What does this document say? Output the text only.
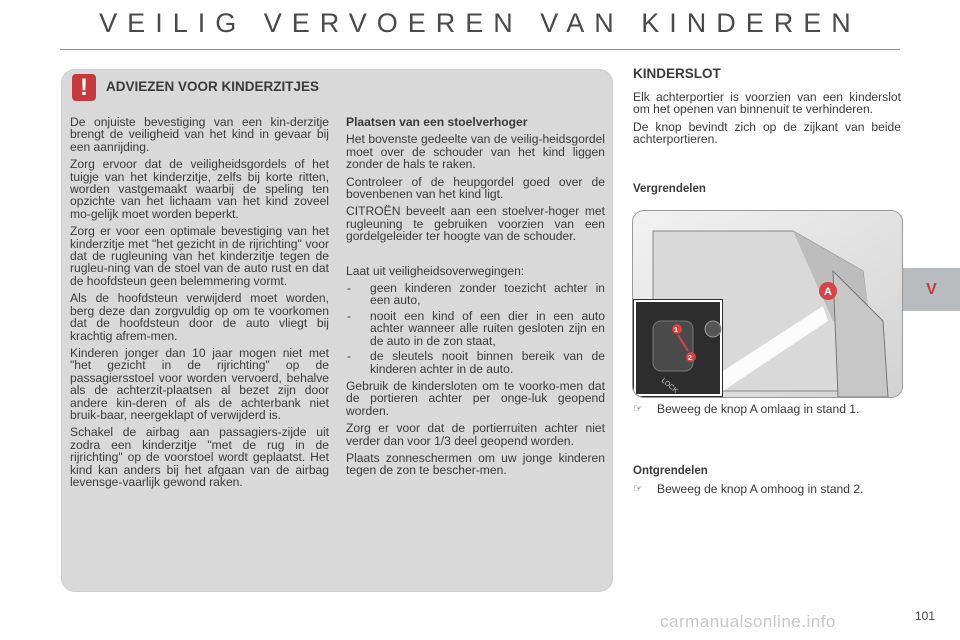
VEILIG VERVOEREN VAN KINDEREN
!	ADVIEZEN VOOR KINDERZITJES

De onjuiste bevestiging van een kin-derzitje brengt de veiligheid van het kind in gevaar bij een aanrijding.

Zorg ervoor dat de veiligheidsgordels of het tuigje van het kinderzitje, zelfs bij korte ritten, worden vastgemaakt waarbij de speling ten opzichte van het lichaam van het kind zoveel mo-gelijk moet worden beperkt.

Zorg er voor een optimale bevestiging van het kinderzitje met "het gezicht in de rijrichting" voor dat de rugleuning van het kinderzitje tegen de rugleu-ning van de stoel van de auto rust en dat de hoofdsteun geen belemmering vormt.

Als de hoofdsteun verwijderd moet worden, berg deze dan zorgvuldig op om te voorkomen dat de hoofdsteun door de auto vliegt bij krachtig afrem-men.

Kinderen jonger dan 10 jaar mogen niet met "het gezicht in de rijrichting" op de passagiersstoel voor worden vervoerd, behalve als de achterzit-plaatsen al bezet zijn door andere kin-deren of als de achterbank niet bruik-baar, neergeklapt of verwijderd is.

Schakel de airbag aan passagiers-zijde uit zodra een kinderzitje "met de rug in de rijrichting" op de voorstoel wordt geplaatst. Het kind kan anders bij het afgaan van de airbag levensge-vaarlijk gewond raken.

Plaatsen van een stoelverhoger

Het bovenste gedeelte van de veilig-heidsgordel moet over de schouder van het kind liggen zonder de hals te raken.

Controleer of de heupgordel goed over de bovenbenen van het kind ligt.

CITROËN beveelt aan een stoelver-hoger met rugleuning te gebruiken voorzien van een gordelgeleider ter hoogte van de schouder.

Laat uit veiligheidsoverwegingen:

- geen kinderen zonder toezicht achter in een auto,
- nooit een kind of een dier in een auto achter wanneer alle ruiten gesloten zijn en de auto in de zon staat,
- de sleutels nooit binnen bereik van de kinderen achter in de auto.

Gebruik de kindersloten om te voorko-men dat de portieren achter per onge-luk geopend worden.

Zorg er voor dat de portierruiten achter niet verder dan voor 1/3 deel geopend worden.

Plaats zonneschermen om uw jonge kinderen tegen de zon te bescher-men.

KINDERSLOT

Elk achterportier is voorzien van een kinderslot om het openen van binnenuit te verhinderen.

De knop bevindt zich op de zijkant van beide achterportieren.

Vergrendelen
A
1
2
LOCK
☞ Beweeg de knop A omlaag in stand 1.
Ontgrendelen
☞ Beweeg de knop A omhoog in stand 2.
V
carmanualsonline.info	101
